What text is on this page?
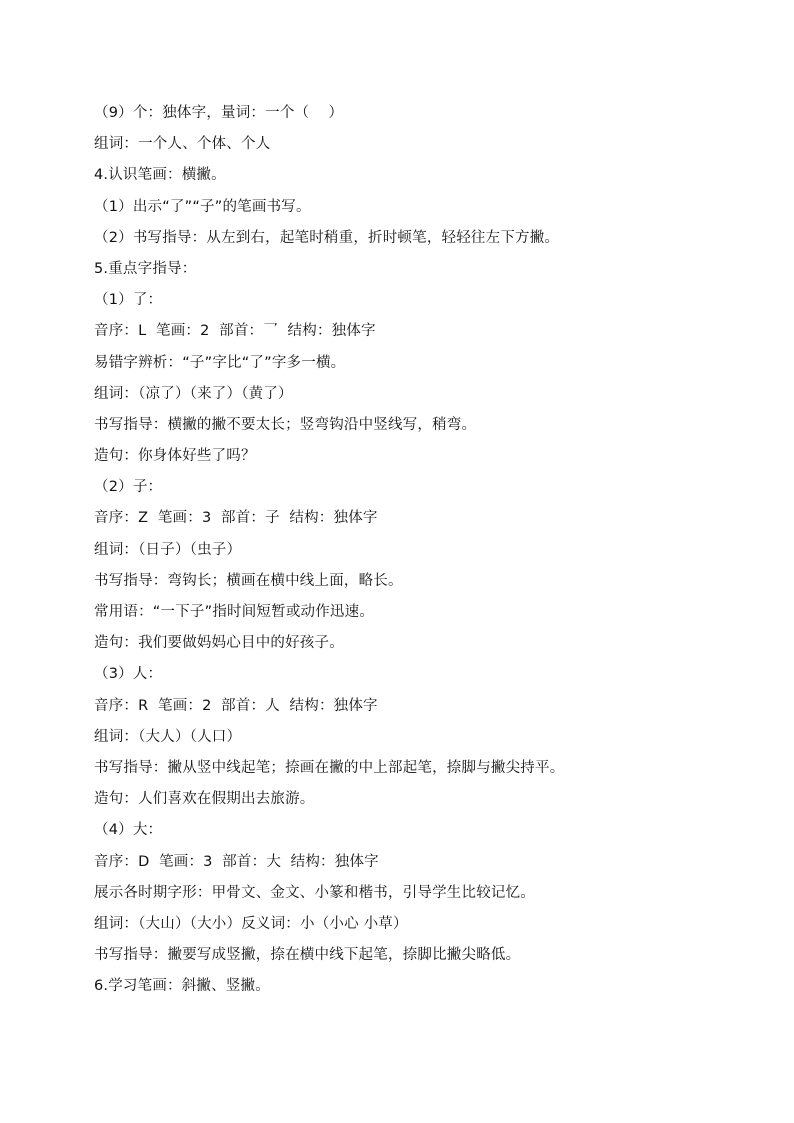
（9）个：独体字，量词：一个（    ）
组词：一个人、个体、个人
4.认识笔画：横撇。
（1）出示“了”“子”的笔画书写。
（2）书写指导：从左到右，起笔时稍重，折时顿笔，轻轻往左下方撇。
5.重点字指导：
（1）了：
音序：L  笔画：2  部首：乛  结构：独体字
易错字辨析：“子”字比“了”字多一横。
组词：（凉了）（来了）（黄了）
书写指导：横撇的撇不要太长；竖弯钩沿中竖线写，稍弯。
造句：你身体好些了吗？
（2）子：
音序：Z  笔画：3  部首：子  结构：独体字
组词：（日子）（虫子）
书写指导：弯钩长；横画在横中线上面，略长。
常用语：“一下子”指时间短暂或动作迅速。
造句：我们要做妈妈心目中的好孩子。
（3）人：
音序：R  笔画：2  部首：人  结构：独体字
组词：（大人）（人口）
书写指导：撇从竖中线起笔；捺画在撇的中上部起笔，捺脚与撇尖持平。
造句：人们喜欢在假期出去旅游。
（4）大：
音序：D  笔画：3  部首：大  结构：独体字
展示各时期字形：甲骨文、金文、小篆和楷书，引导学生比较记忆。
组词：（大山）（大小）反义词：小（小心 小草）
书写指导：撇要写成竖撇，捺在横中线下起笔，捺脚比撇尖略低。
6.学习笔画：斜撇、竖撇。
